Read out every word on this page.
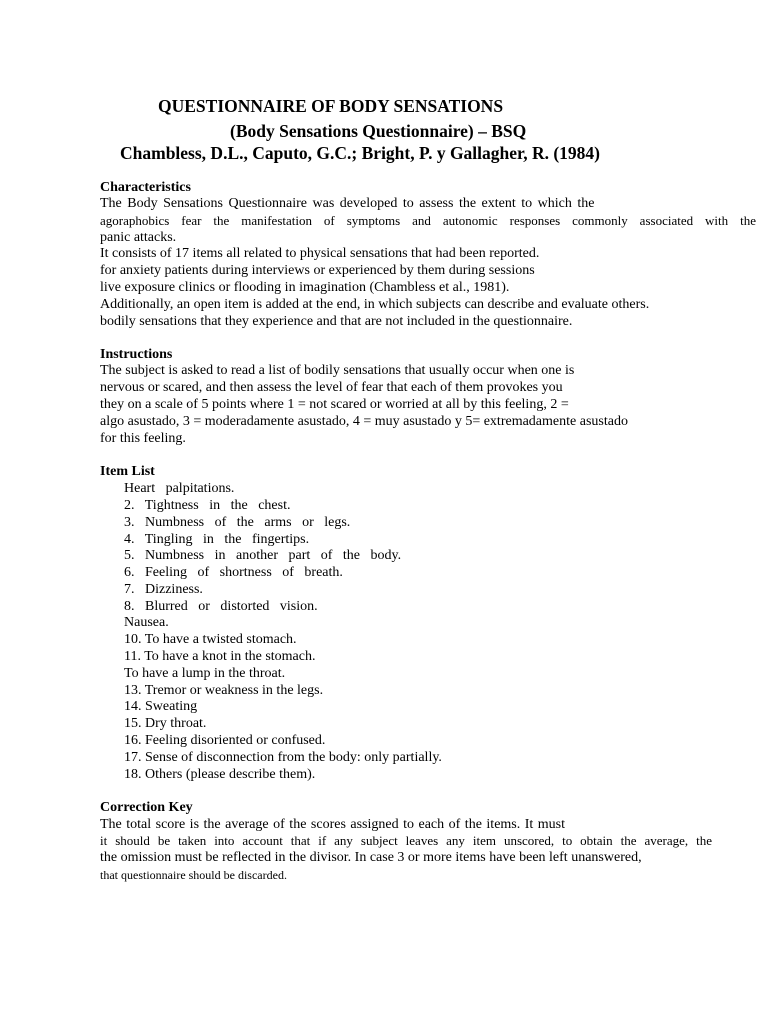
QUESTIONNAIRE OF BODY SENSATIONS
(Body Sensations Questionnaire) – BSQ
Chambless, D.L., Caputo, G.C.; Bright, P. y Gallagher, R. (1984)
Characteristics
The Body Sensations Questionnaire was developed to assess the extent to which the
agoraphobics fear the manifestation of symptoms and autonomic responses commonly associated with the
panic attacks.
It consists of 17 items all related to physical sensations that had been reported.
for anxiety patients during interviews or experienced by them during sessions
live exposure clinics or flooding in imagination (Chambless et al., 1981).
Additionally, an open item is added at the end, in which subjects can describe and evaluate others.
bodily sensations that they experience and that are not included in the questionnaire.
Instructions
The subject is asked to read a list of bodily sensations that usually occur when one is
nervous or scared, and then assess the level of fear that each of them provokes you
they on a scale of 5 points where 1 = not scared or worried at all by this feeling, 2 =
algo asustado, 3 = moderadamente asustado, 4 = muy asustado y 5= extremadamente asustado
for this feeling.
Item List
Heart   palpitations.
2.   Tightness   in   the   chest.
3.   Numbness   of   the   arms   or   legs.
4.   Tingling   in   the   fingertips.
5.   Numbness   in   another   part   of   the   body.
6.   Feeling   of   shortness   of   breath.
7.   Dizziness.
8.   Blurred   or   distorted   vision.
Nausea.
10. To have a twisted stomach.
11. To have a knot in the stomach.
To have a lump in the throat.
13. Tremor or weakness in the legs.
14. Sweating
15. Dry throat.
16. Feeling disoriented or confused.
17. Sense of disconnection from the body: only partially.
18. Others (please describe them).
Correction Key
The total score is the average of the scores assigned to each of the items. It must
it should be taken into account that if any subject leaves any item unscored, to obtain the average, the
the omission must be reflected in the divisor. In case 3 or more items have been left unanswered,
that questionnaire should be discarded.
